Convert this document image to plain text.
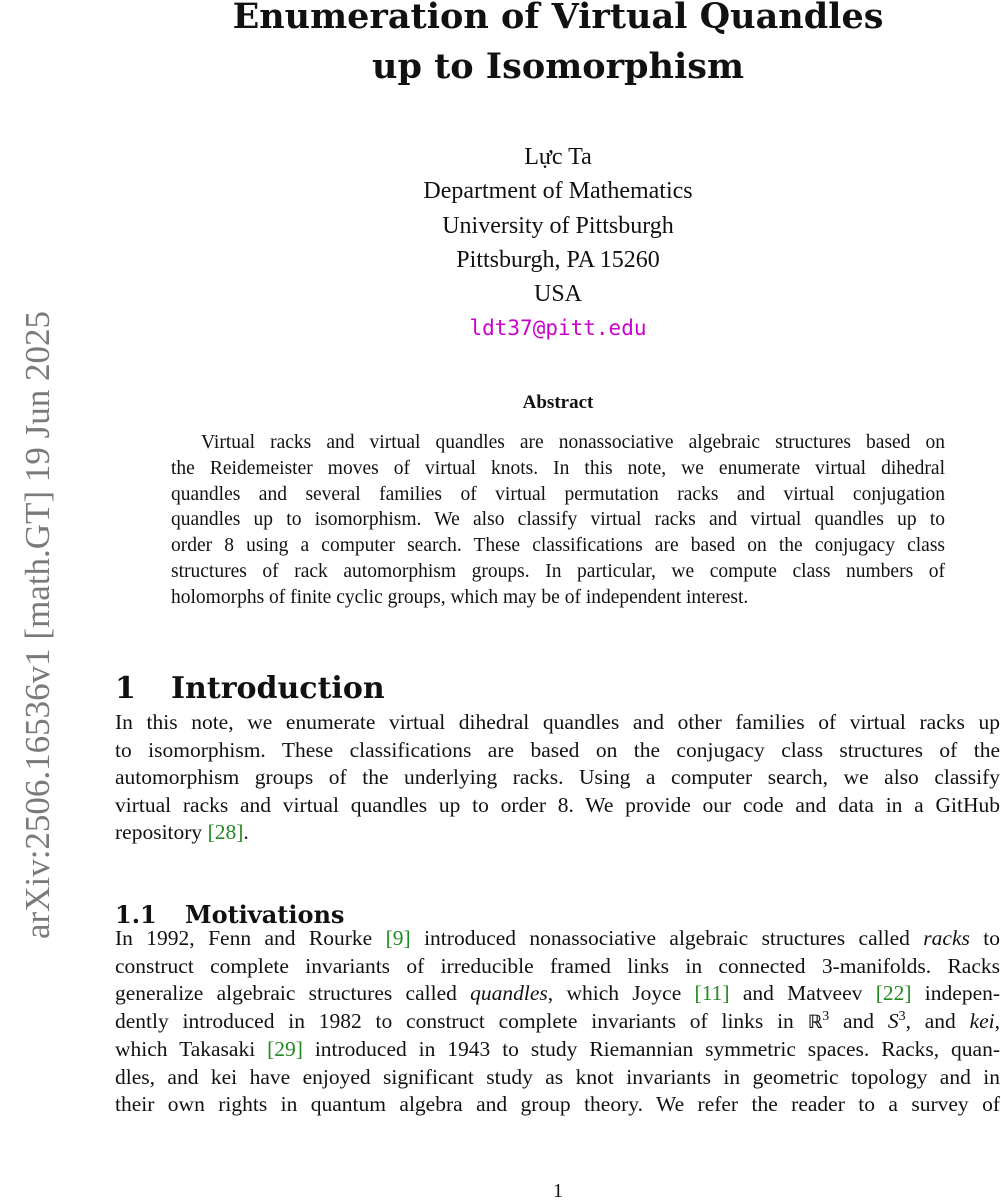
arXiv:2506.16536v1 [math.GT] 19 Jun 2025
Enumeration of Virtual Quandles
up to Isomorphism
Lực Ta
Department of Mathematics
University of Pittsburgh
Pittsburgh, PA 15260
USA
ldt37@pitt.edu
Abstract
Virtual racks and virtual quandles are nonassociative algebraic structures based on
the Reidemeister moves of virtual knots. In this note, we enumerate virtual dihedral
quandles and several families of virtual permutation racks and virtual conjugation
quandles up to isomorphism. We also classify virtual racks and virtual quandles up to
order 8 using a computer search. These classifications are based on the conjugacy class
structures of rack automorphism groups. In particular, we compute class numbers of
holomorphs of finite cyclic groups, which may be of independent interest.
1 Introduction
In this note, we enumerate virtual dihedral quandles and other families of virtual racks up
to isomorphism. These classifications are based on the conjugacy class structures of the
automorphism groups of the underlying racks. Using a computer search, we also classify
virtual racks and virtual quandles up to order 8. We provide our code and data in a GitHub
repository [28].
1.1 Motivations
In 1992, Fenn and Rourke [9] introduced nonassociative algebraic structures called racks to
construct complete invariants of irreducible framed links in connected 3-manifolds. Racks
generalize algebraic structures called quandles, which Joyce [11] and Matveev [22] indepen-
dently introduced in 1982 to construct complete invariants of links in ℝ$^3$ and $S^3$, and kei,
which Takasaki [29] introduced in 1943 to study Riemannian symmetric spaces. Racks, quan-
dles, and kei have enjoyed significant study as knot invariants in geometric topology and in
their own rights in quantum algebra and group theory. We refer the reader to a survey of
1
